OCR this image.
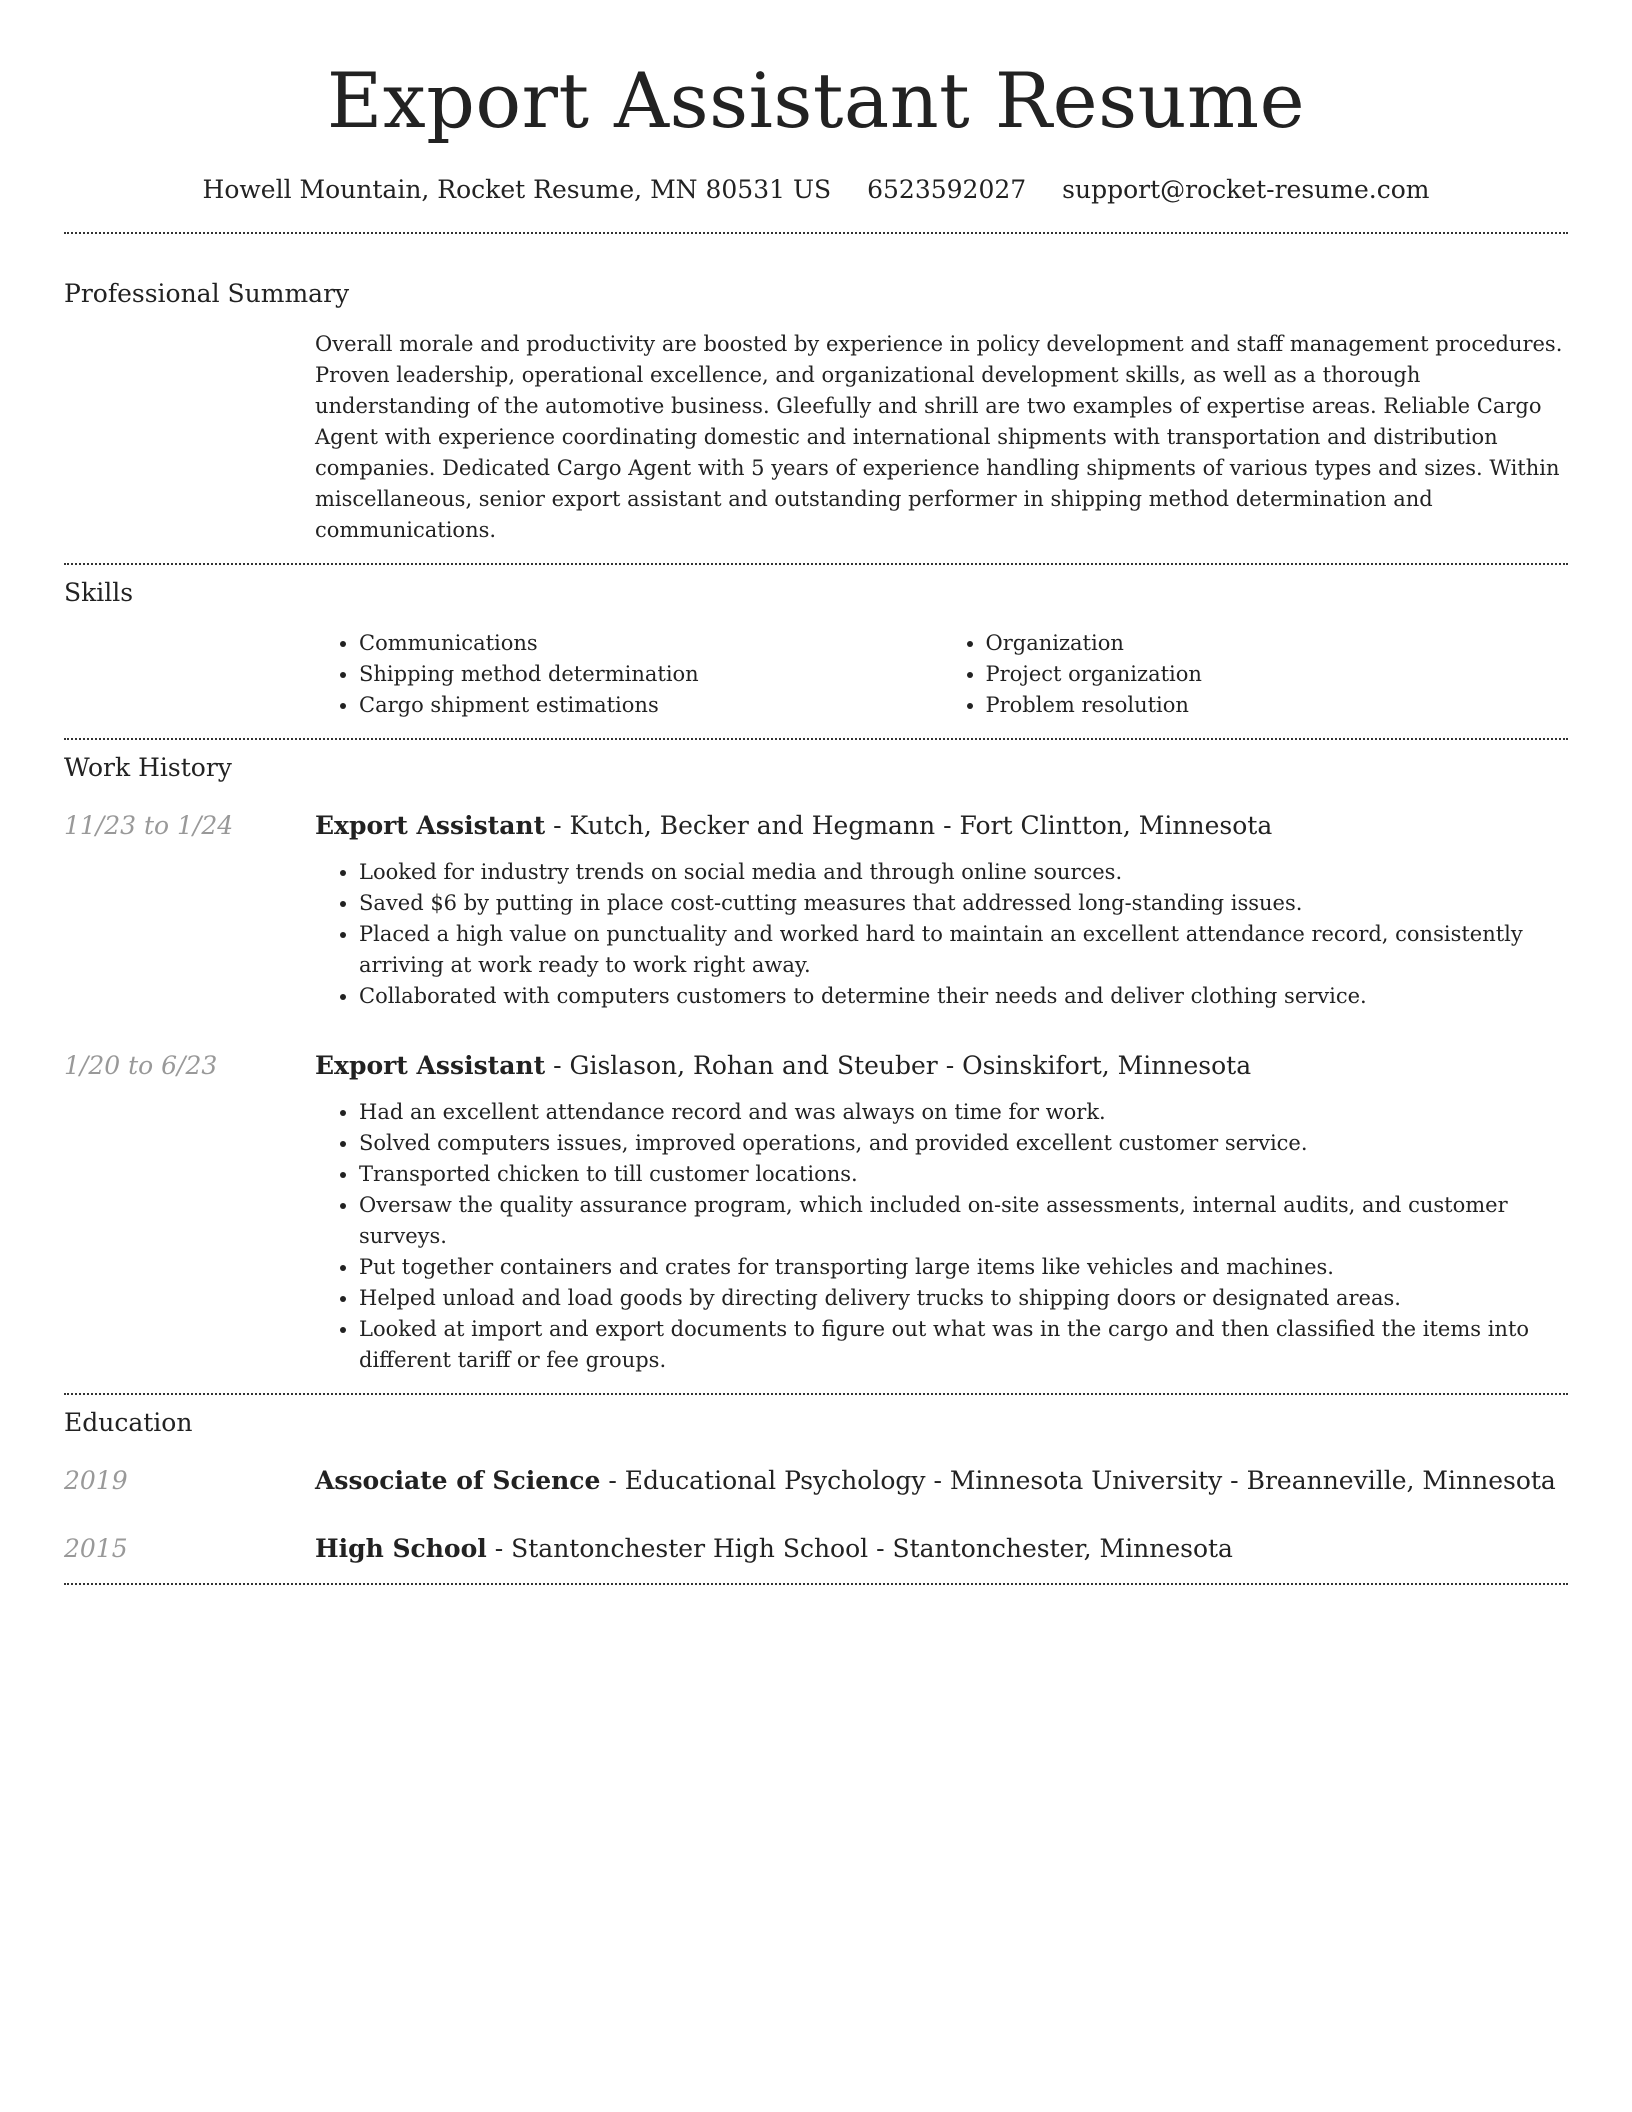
Export Assistant Resume
Howell Mountain, Rocket Resume, MN 80531 US 6523592027 support@rocket-resume.com
Professional Summary

Overall morale and productivity are boosted by experience in policy development and staff management procedures. Proven leadership, operational excellence, and organizational development skills, as well as a thorough understanding of the automotive business. Gleefully and shrill are two examples of expertise areas. Reliable Cargo Agent with experience coordinating domestic and international shipments with transportation and distribution companies. Dedicated Cargo Agent with 5 years of experience handling shipments of various types and sizes. Within miscellaneous, senior export assistant and outstanding performer in shipping method determination and communications.

Skills
• Communications
• Shipping method determination
• Cargo shipment estimations
• Organization
• Project organization
• Problem resolution
Work History
11/23 to 1/24	Export Assistant - Kutch, Becker and Hegmann - Fort Clintton, Minnesota
• Looked for industry trends on social media and through online sources.
• Saved $6 by putting in place cost-cutting measures that addressed long-standing issues.
• Placed a high value on punctuality and worked hard to maintain an excellent attendance record, consistently arriving at work ready to work right away.
• Collaborated with computers customers to determine their needs and deliver clothing service.
1/20 to 6/23	Export Assistant - Gislason, Rohan and Steuber - Osinskifort, Minnesota
• Had an excellent attendance record and was always on time for work.
• Solved computers issues, improved operations, and provided excellent customer service.
• Transported chicken to till customer locations.
• Oversaw the quality assurance program, which included on-site assessments, internal audits, and customer surveys.
• Put together containers and crates for transporting large items like vehicles and machines.
• Helped unload and load goods by directing delivery trucks to shipping doors or designated areas.
• Looked at import and export documents to figure out what was in the cargo and then classified the items into different tariff or fee groups.
Education
2019	Associate of Science - Educational Psychology - Minnesota University - Breanneville, Minnesota
2015	High School - Stantonchester High School - Stantonchester, Minnesota
